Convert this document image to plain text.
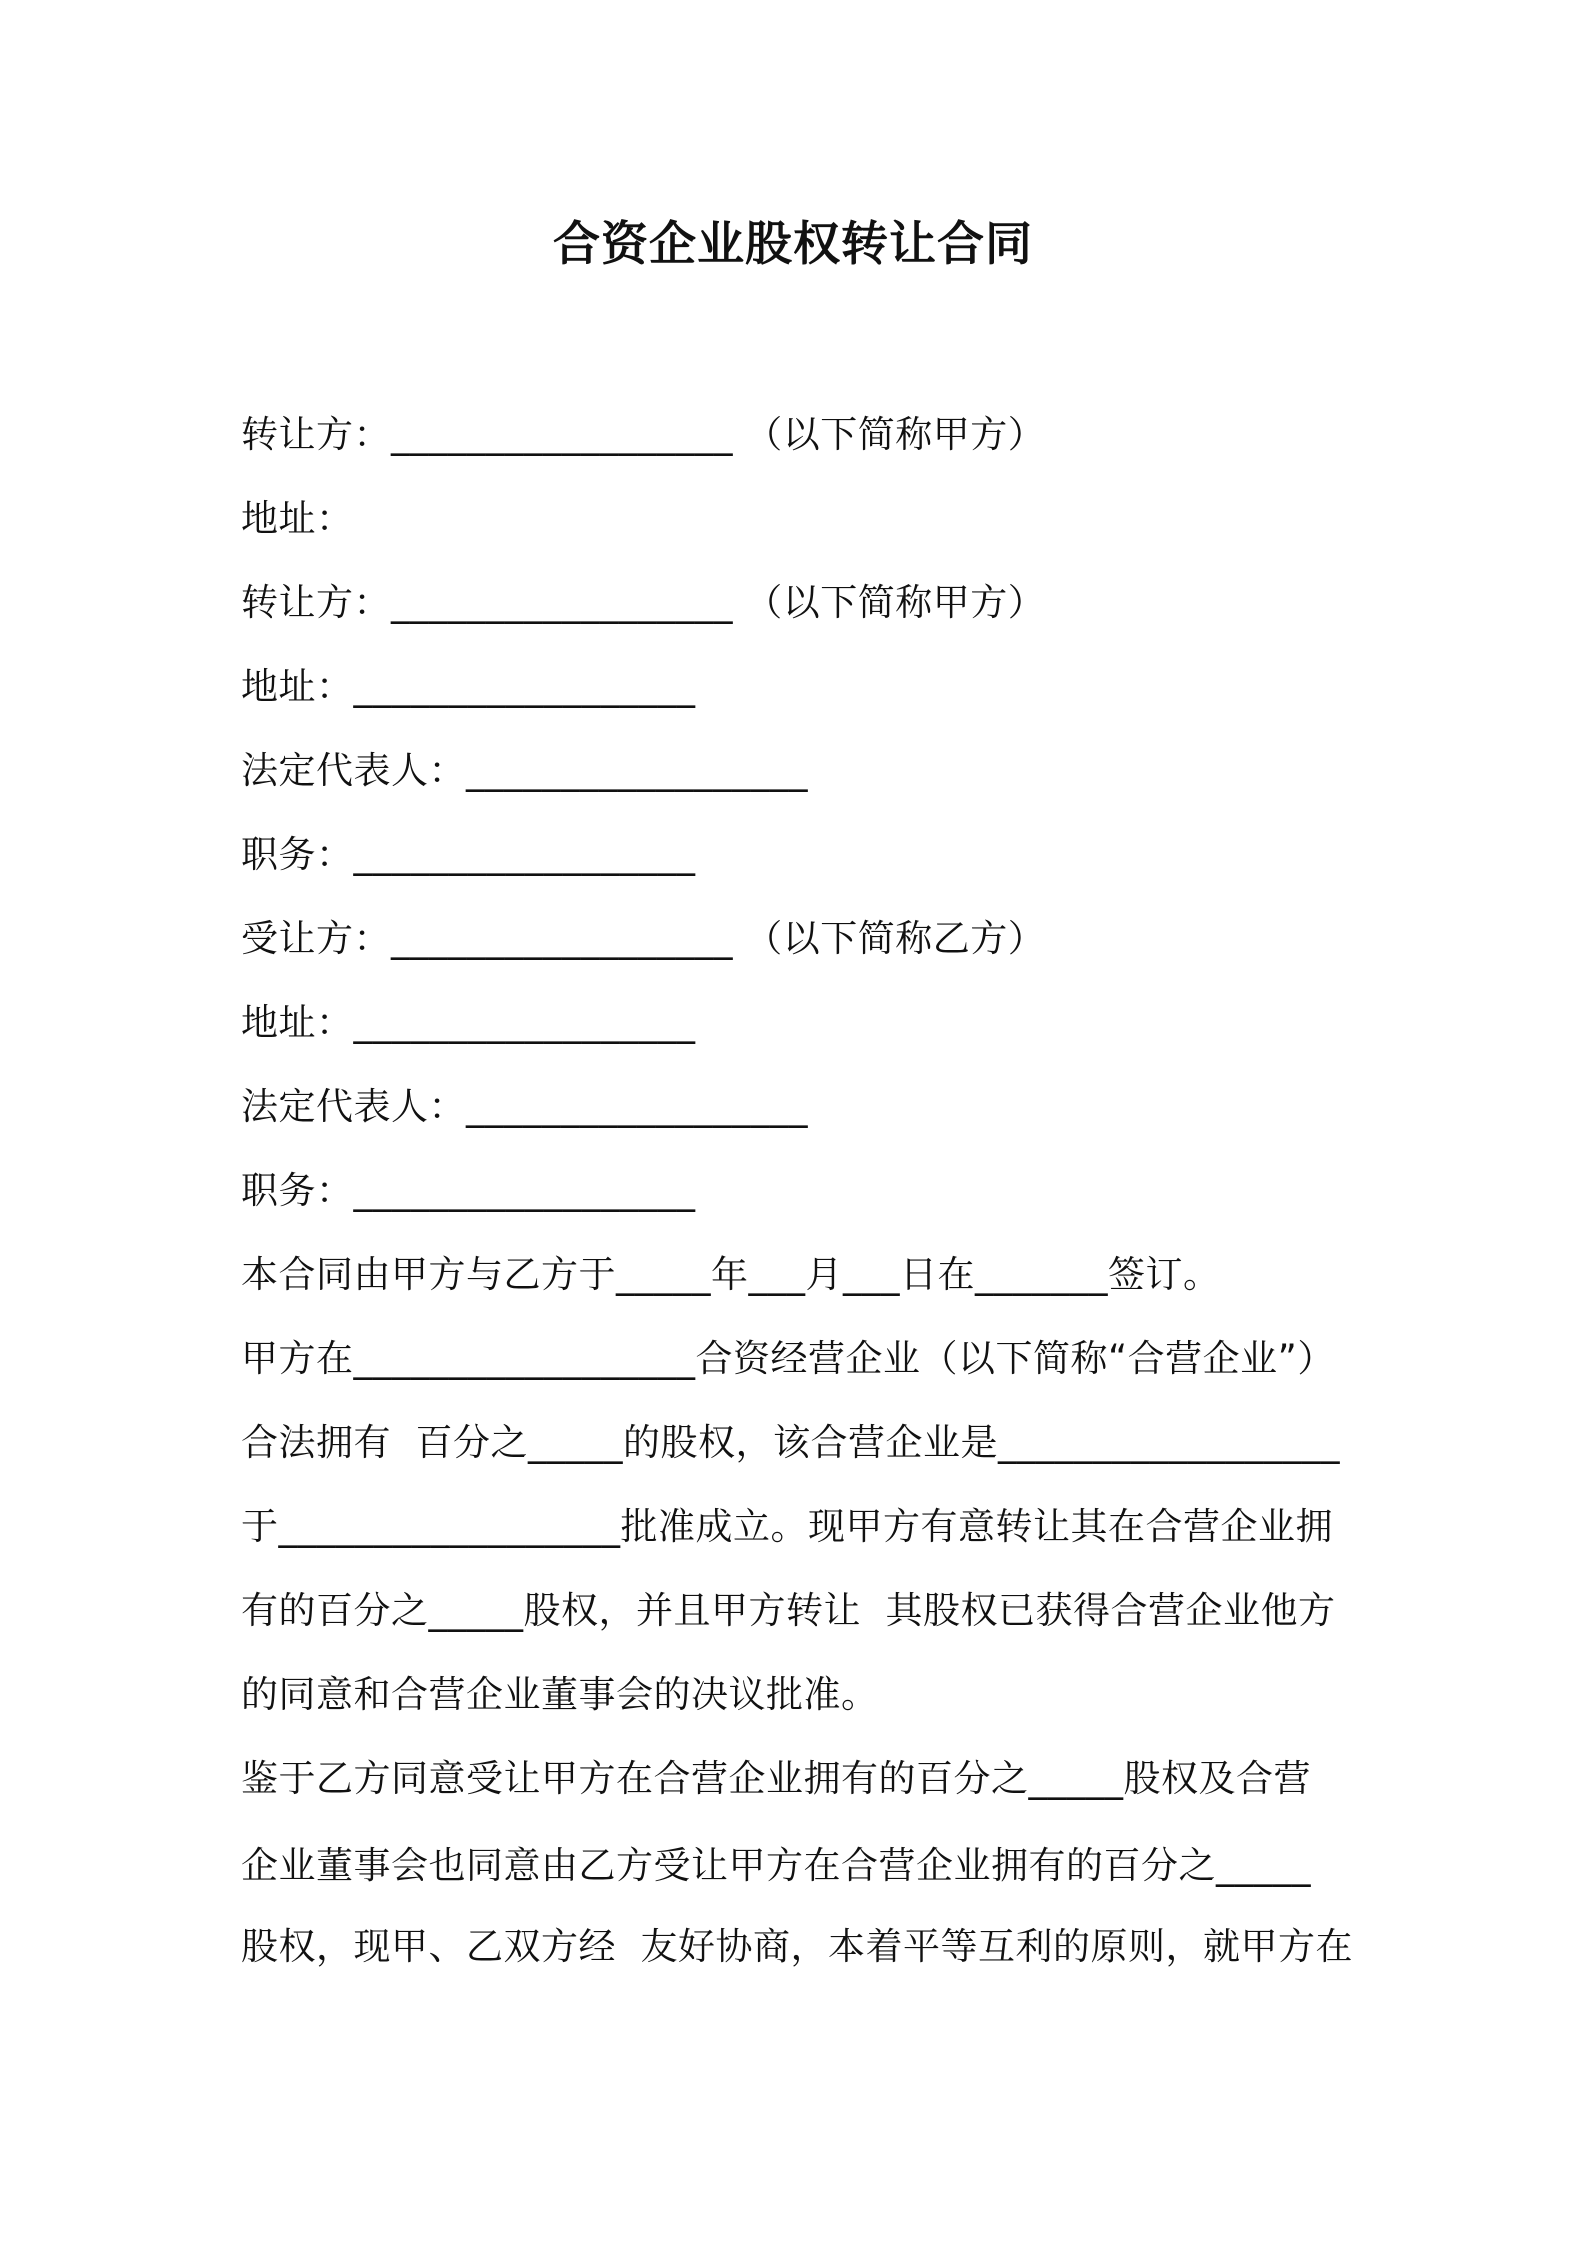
合资企业股权转让合同
转让方：__________________ （以下简称甲方）
地址：
转让方：__________________ （以下简称甲方）
地址：__________________
法定代表人：__________________
职务：__________________
受让方：__________________ （以下简称乙方）
地址：__________________
法定代表人：__________________
职务：__________________
本合同由甲方与乙方于_____年___月___日在_______签订。
甲方在__________________合资经营企业（以下简称“合营企业”）
合法拥有  百分之_____的股权，该合营企业是__________________
于__________________批准成立。现甲方有意转让其在合营企业拥
有的百分之_____股权，并且甲方转让  其股权已获得合营企业他方
的同意和合营企业董事会的决议批准。
鉴于乙方同意受让甲方在合营企业拥有的百分之_____股权及合营
企业董事会也同意由乙方受让甲方在合营企业拥有的百分之_____
股权，现甲、乙双方经  友好协商，本着平等互利的原则，就甲方在
